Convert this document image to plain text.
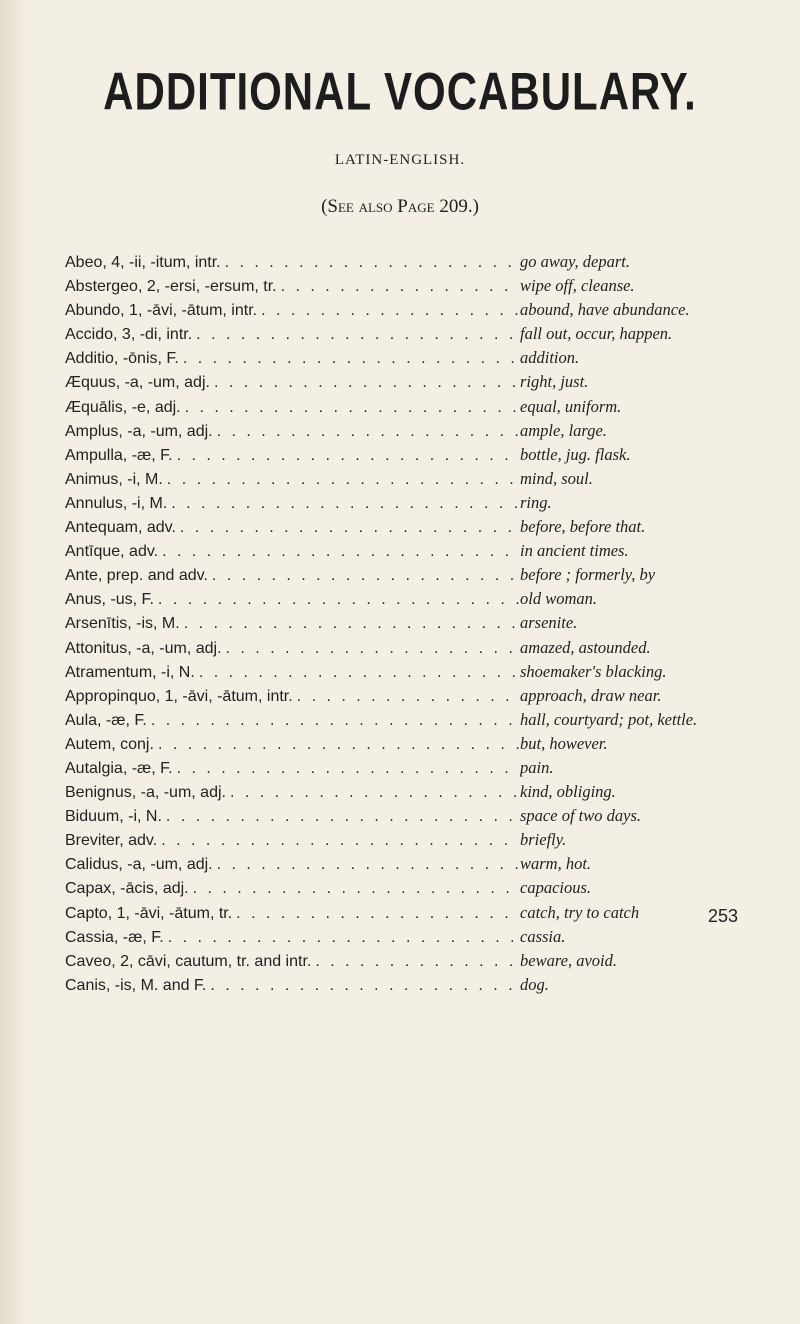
ADDITIONAL VOCABULARY.
LATIN-ENGLISH.
(See also Page 209.)
Abeo, 4, -ii, -itum, intr. . . .	go away, depart.
Abstergeo, 2, -ersi, -ersum, tr. . . .	wipe off, cleanse.
Abundo, 1, -āvi, -ātum, intr. . . .	abound, have abundance.
Accido, 3, -di, intr. . . .	fall out, occur, happen.
Additio, -ōnis, F. . . .	addition.
Æquus, -a, -um, adj. . . .	right, just.
Æquālis, -e, adj. . . .	equal, uniform.
Amplus, -a, -um, adj. . . .	ample, large.
Ampulla, -æ, F. . . .	bottle, jug. flask.
Animus, -i, M. . . .	mind, soul.
Annulus, -i, M. . . .	ring.
Antequam, adv. . . .	before, before that.
Antīque, adv. . . .	in ancient times.
Ante, prep. and adv. . . .	before ; formerly, by
Anus, -us, F. . . .	old woman.
Arsenītis, -is, M. . . .	arsenite.
Attonitus, -a, -um, adj. . . .	amazed, astounded.
Atramentum, -i, N. . . .	shoemaker's blacking.
Appropinquo, 1, -āvi, -ātum, intr. . . .	approach, draw near.
Aula, -æ, F. . . .	hall, courtyard; pot, kettle.
Autem, conj. . . .	but, however.
Autalgia, -æ, F. . . .	pain.
Benignus, -a, -um, adj. . . .	kind, obliging.
Biduum, -i, N. . . .	space of two days.
Breviter, adv. . . .	briefly.
Calidus, -a, -um, adj. . . .	warm, hot.
Capax, -ācis, adj. . . .	capacious.
Capto, 1, -āvi, -ātum, tr. . . .	catch, try to catch
Cassia, -æ, F. . . .	cassia.
Caveo, 2, cāvi, cautum, tr. and intr. . . .	beware, avoid.
Canis, -is, M. and F. . . .	dog.
253
